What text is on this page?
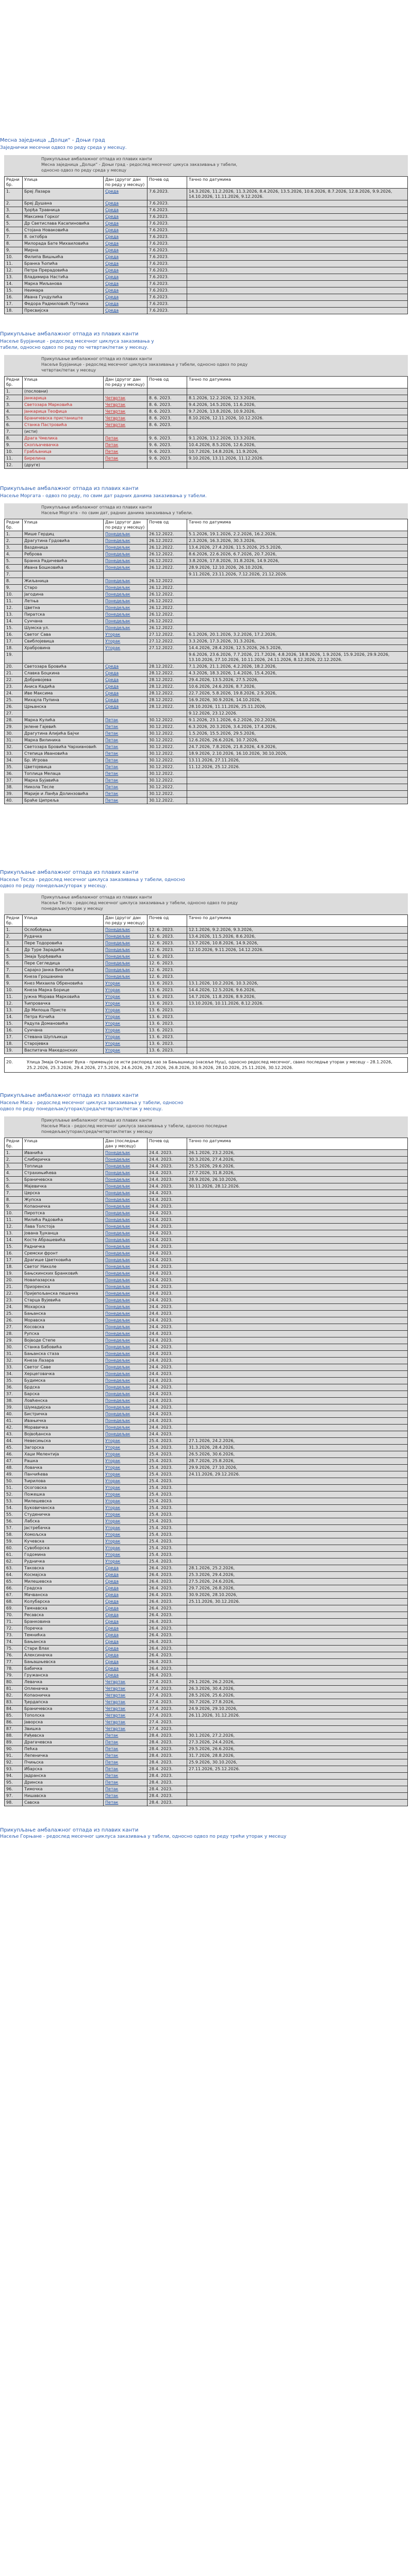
Месна заједница „Долци“ - Доњи град
Заједнички месечни одвоз по реду среда у месецу.
Прикупљање амбалажног отпада из плавих канти
Месна заједница „Долци“ - Доњи град - редослед месечног цикуса заказивања у табели,
односно одвоз по реду среда у месецу
Редни бр.	Улица	Дан (другог дан по реду у месецу)	Почев од	Тачно по датумима
1.	Бреј Лазара	Среда	7.6.2023.	14.3.2026, 11.2.2026, 11.3.2026, 8.4.2026, 13.5.2026, 10.6.2026, 8.7.2026, 12.8.2026, 9.9.2026, 14.10.2026, 11.11.2026, 9.12.2026.
2.	Бреј Душана	Среда	7.6.2023.	
3.	Ђорђа Травница	Среда	7.6.2023.	
4.	Максима Горког	Среда	7.6.2023.	
5.	Др Светислава Касапиновића	Среда	7.6.2023.	
6.	Стојана Новаковића	Среда	7.6.2023.	
7.	8. октобра	Среда	7.6.2023.	
8.	Милорада Бате Михаиловића	Среда	7.6.2023.	
9.	Мирна	Среда	7.6.2023.	
10.	Филипа Вишњића	Среда	7.6.2023.	
11.	Бранка Ћопића	Среда	7.6.2023.	
12.	Петра Прерадовића	Среда	7.6.2023.	
13.	Владимира Настића	Среда	7.6.2023.	
14.	Марка Миљанова	Среда	7.6.2023.	
15.	Неимара	Среда	7.6.2023.	
16.	Ивана Гундулића	Среда	7.6.2023.	
17.	Федора Радмиловић Путника	Среда	7.6.2023.	
18.	Пресвијска	Среда	7.6.2023.	
Прикупљање амбалажног отпада из плавих канти
Насеље Бурјанице - редослед месечног циклуса заказивања у
табели, односно одвоз по реду по четвртак/петак у месецу.
Прикупљање амбалажног отпада из плавих канти
Насеље Бурјанице - редослед месечног циклуса заказивања у табели, односно одвоз по реду
четвртак/петак у месецу
Редни бр.	Улица	Дан (другог дан по реду у месецу)	Почев од	Тачно по датумима
1.	(пословни)			
2.	Јанкарица	Четвртак	8. 6. 2023.	8.1.2026, 12.2.2026, 12.3.2026,
3.	Светозара Марковића	Четвртак	8. 6. 2023.	9.4.2026, 14.5.2026, 11.6.2026,
4.	Јанкарица Теофица	Четвртак	8. 6. 2023.	9.7.2026, 13.8.2026, 10.9.2026,
5.	Браничевска пристаниште	Четвртак	8. 6. 2023.	8.10.2026, 12.11.2026, 10.12.2026.
6.	Станка Пастровића	Четвртак	8. 6. 2023.	
7.	(исти)			
8.	Драга Чмелика	Петак	9. 6. 2023.	9.1.2026, 13.2.2026, 13.3.2026,
9.	Скопљачевачка	Петак	9. 6. 2023.	10.4.2026, 8.5.2026, 12.6.2026,
10.	Грабљаница	Петак	9. 6. 2023.	10.7.2026, 14.8.2026, 11.9.2026,
11.	Бирелина	Петак	9. 6. 2023.	9.10.2026, 13.11.2026, 11.12.2026.
12.	(друге)			
Прикупљање амбалажног отпада из плавих канти
Насеље Моргата - одвоз по реду, по свим дат радних данима заказивања у табели.
Прикупљање амбалажног отпада из плавих канти
Насеље Моргата - по свим дат, радних данима заказивања у табели.
Редни бр.	Улица	Дан (другог дан по реду у месецу)	Почев од	Тачно по датумима
1.	Мише Гердиц	Понедељак	26.12.2022.	5.1.2026, 19.1.2026, 2.2.2026, 16.2.2026,
2.	Драгутина Грдовића	Понедељак	26.12.2022.	2.3.2026, 16.3.2026, 30.3.2026,
3.	Вазденица	Понедељак	26.12.2022.	13.4.2026, 27.4.2026, 11.5.2026, 25.5.2026,
4.	Реброва	Понедељак	26.12.2022.	8.6.2026, 22.6.2026, 6.7.2026, 20.7.2026,
5.	Бранка Радичевића	Понедељак	26.12.2022.	3.8.2026, 17.8.2026, 31.8.2026, 14.9.2026,
6.	Ивана Бошковића	Понедељак	26.12.2022.	28.9.2026, 12.10.2026, 26.10.2026,
7.				9.11.2026, 23.11.2026, 7.12.2026, 21.12.2026.
8.	Жиљаница	Понедељак	26.12.2022.	
9.	Старо	Понедељак	26.12.2022.	
10.	Јагодина	Понедељак	26.12.2022.	
11.	Летња	Понедељак	26.12.2022.	
12.	Цветна	Понедељак	26.12.2022.	
13.	Пиратска	Понедељак	26.12.2022.	
14.	Сунчана	Понедељак	26.12.2022.	
15.	Шумска ул.	Понедељак	26.12.2022.	
16.	Светог Сава	Уторак	27.12.2022.	6.1.2026, 20.1.2026, 3.2.2026, 17.2.2026,
17.	Свиблојевица	Уторак	27.12.2022.	3.3.2026, 17.3.2026, 31.3.2026,
18.	Храбровина	Уторак	27.12.2022.	14.4.2026, 28.4.2026, 12.5.2026, 26.5.2026,
19.				9.6.2026, 23.6.2026, 7.7.2026, 21.7.2026, 4.8.2026, 18.8.2026, 1.9.2026, 15.9.2026, 29.9.2026, 13.10.2026, 27.10.2026, 10.11.2026, 24.11.2026, 8.12.2026, 22.12.2026.
20.	Светозара Бровића	Среда	28.12.2022.	7.1.2026, 21.1.2026, 4.2.2026, 18.2.2026,
21.	Славка Боцкина	Среда	28.12.2022.	4.3.2026, 18.3.2026, 1.4.2026, 15.4.2026,
22.	Добривојева	Среда	28.12.2022.	29.4.2026, 13.5.2026, 27.5.2026,
23.	Аниса Кадића	Среда	28.12.2022.	10.6.2026, 24.6.2026, 8.7.2026,
24.	Иве Максима	Среда	28.12.2022.	22.7.2026, 5.8.2026, 19.8.2026, 2.9.2026,
25.	Михајла Пупина	Среда	28.12.2022.	16.9.2026, 30.9.2026, 14.10.2026,
26.	Црњанска	Среда	28.12.2022.	28.10.2026, 11.11.2026, 25.11.2026,
27.				9.12.2026, 23.12.2026.
28.	Марка Кулића	Петак	30.12.2022.	9.1.2026, 23.1.2026, 6.2.2026, 20.2.2026,
29.	Јелене Гајевић	Петак	30.12.2022.	6.3.2026, 20.3.2026, 3.4.2026, 17.4.2026,
30.	Драгутина Алијића Бајчи	Петак	30.12.2022.	1.5.2026, 15.5.2026, 29.5.2026,
31.	Марка Вилиника	Петак	30.12.2022.	12.6.2026, 26.6.2026, 10.7.2026,
32.	Светозара Бровића Чархиановић	Петак	30.12.2022.	24.7.2026, 7.8.2026, 21.8.2026, 4.9.2026,
33.	Степица Ивановића	Петак	30.12.2022.	18.9.2026, 2.10.2026, 16.10.2026, 30.10.2026,
34.	Бр. Игрова	Петак	30.12.2022.	13.11.2026, 27.11.2026,
35.	Цветојевица	Петак	30.12.2022.	11.12.2026, 25.12.2026.
36.	Топлица Мелаца	Петак	30.12.2022.	
37.	Марка Бујавића	Петак	30.12.2022.	
38.	Никола Тесле	Петак	30.12.2022.	
39.	Марије и Ланђа Долинзовића	Петак	30.12.2022.	
40.	Браће Ципреља	Петак	30.12.2022.	
Прикупљање амбалажног отпада из плавих канти
Насеље Тесла - редослед месечног циклуса заказивања у табели, односно
одвоз по реду понедељак/уторак у месецу.
Прикупљање амбалажног отпада из плавих канти
Насеље Тесла - редослед месечног циклуса заказивања у табели, односно одвоз по реду
понедељак/уторак у месецу
Редни бр.	Улица	Дан (другог дан по реду у месецу)	Почев од	Тачно по датумима
1.	Ослобођења	Понедељак	12. 6. 2023.	12.1.2026, 9.2.2026, 9.3.2026,
2.	Рудачка	Понедељак	12. 6. 2023.	13.4.2026, 11.5.2026, 8.6.2026,
3.	Пере Тодоровића	Понедељак	12. 6. 2023.	13.7.2026, 10.8.2026, 14.9.2026,
4.	Др Туре Зарадића	Понедељак	12. 6. 2023.	12.10.2026, 9.11.2026, 14.12.2026.
5.	Змаја Ђорђевића	Понедељак	12. 6. 2023.	
6.	Пере Сегледица	Понедељак	12. 6. 2023.	
7.	Сарајко Јанка Виопића	Понедељак	12. 6. 2023.	
8.	Кнеза Грошанина	Понедељак	12. 6. 2023.	
9.	Кнез Михаила Обреновића	Уторак	13. 6. 2023.	13.1.2026, 10.2.2026, 10.3.2026,
10.	Кнеза Марка Борице	Уторак	13. 6. 2023.	14.4.2026, 12.5.2026, 9.6.2026,
11.	Јужна Морава Марковића	Уторак	13. 6. 2023.	14.7.2026, 11.8.2026, 8.9.2026,
12.	Ћипровачка	Уторак	13. 6. 2023.	13.10.2026, 10.11.2026, 8.12.2026.
13.	Др Милоша Присте	Уторак	13. 6. 2023.	
14.	Петра Кочића	Уторак	13. 6. 2023.	
15.	Радула Домановића	Уторак	13. 6. 2023.	
16.	Сунчана	Уторак	13. 6. 2023.	
17.	Стевана Шупљикца	Уторак	13. 6. 2023.	
18.	Старојевка	Уторак	13. 6. 2023.	
19.	Васпитача Македонских	Уторак	13. 6. 2023.	
20.	Улица Змаја Огњеног Вука - примењује се исти распоред као за Бањашницу (насеље Нуш), односно редослед месечног, свако последње уторак у месецу – 28.1.2026, 25.2.2026, 25.3.2026, 29.4.2026, 27.5.2026, 24.6.2026, 29.7.2026, 26.8.2026, 30.9.2026, 28.10.2026, 25.11.2026, 30.12.2026.
Прикупљање амбалажног отпада из плавих канти
Насеље Маса - редослед месечног циклуса заказивања у табели, односно
одвоз по реду понедељак/уторак/среда/четвртак/петак у месецу.
Прикупљање амбалажног отпада из плавих канти
Насеље Маса - редослед месечног циклуса заказивања у табели, односно последње
понедељак/уторак/среда/четвртак/петак у месецу
Редни бр.	Улица	Дан (последњи дан у месецу)	Почев од	Тачно по датумима
1.	Иванића	Понедељак	24.4. 2023.	26.1.2026, 23.2.2026,
2.	Слиберичка	Понедељак	24.4. 2023.	30.3.2026, 27.4.2026,
3.	Топлица	Понедељак	24.4. 2023.	25.5.2026, 29.6.2026,
4.	Страхињићева	Понедељак	24.4. 2023.	27.7.2026, 31.8.2026,
5.	Браничевска	Понедељак	24.4. 2023.	28.9.2026, 26.10.2026,
6.	Мајевичка	Понедељак	24.4. 2023.	30.11.2026, 28.12.2026.
7.	Церска	Понедељак	24.4. 2023.	
8.	Жупска	Понедељак	24.4. 2023.	
9.	Копаоничка	Понедељак	24.4. 2023.	
10.	Пиротска	Понедељак	24.4. 2023.	
11.	Милића Радовића	Понедељак	24.4. 2023.	
12.	Лава Толстоја	Понедељак	24.4. 2023.	
13.	Јована Ђуканца	Понедељак	24.4. 2023.	
14.	Косте Абрашевића	Понедељак	24.4. 2023.	
15.	Радничка	Понедељак	24.4. 2023.	
16.	Сремски фронт	Понедељак	24.4. 2023.	
17.	Драгише Цветковића	Понедељак	24.4. 2023.	
18.	Светог Николе	Понедељак	24.4. 2023.	
19.	Бањскинских Бранковић	Понедељак	24.4. 2023.	
20.	Новапазарска	Понедељак	24.4. 2023.	
21.	Призренска	Понедељак	24.4. 2023.	
22.	Пријепољанска пешачка	Понедељак	24.4. 2023.	
23.	Старца Вујевића	Понедељак	24.4. 2023.	
24.	Мохарска	Понедељак	24.4. 2023.	
25.	Бањанска	Понедељак	24.4. 2023.	
26.	Моравска	Понедељак	24.4. 2023.	
27.	Косовска	Понедељак	24.4. 2023.	
28.	Рупска	Понедељак	24.4. 2023.	
29.	Војводе Степе	Понедељак	24.4. 2023.	
30.	Станка Бабовића	Понедељак	24.4. 2023.	
31.	Бањанска стаза	Понедељак	24.4. 2023.	
32.	Кнеза Лазара	Понедељак	24.4. 2023.	
33.	Светог Саве	Понедељак	24.4. 2023.	
34.	Херцеговачка	Понедељак	24.4. 2023.	
35.	Будимска	Понедељак	24.4. 2023.	
36.	Брдска	Понедељак	24.4. 2023.	
37.	Барска	Понедељак	24.4. 2023.	
38.	Ловћенска	Понедељак	24.4. 2023.	
39.	Шумадијска	Понедељак	24.4. 2023.	
40.	Бистричка	Понедељак	24.4. 2023.	
41.	Ивањичка	Понедељак	24.4. 2023.	
42.	Моравичка	Понедељак	24.4. 2023.	
43.	Војвођанска	Понедељак	24.4. 2023.	
44.	Невесињска	Уторак	25.4. 2023.	27.1.2026, 24.2.2026,
45.	Загорска	Уторак	25.4. 2023.	31.3.2026, 28.4.2026,
46.	Хаџи Мелентија	Уторак	25.4. 2023.	26.5.2026, 30.6.2026,
47.	Рашка	Уторак	25.4. 2023.	28.7.2026, 25.8.2026,
48.	Ловачка	Уторак	25.4. 2023.	29.9.2026, 27.10.2026,
49.	Панчићева	Уторак	25.4. 2023.	24.11.2026, 29.12.2026.
50.	Ћирилова	Уторак	25.4. 2023.	
51.	Осоговска	Уторак	25.4. 2023.	
52.	Пожешка	Уторак	25.4. 2023.	
53.	Милешевска	Уторак	25.4. 2023.	
54.	Буковичанска	Уторак	25.4. 2023.	
55.	Студеничка	Уторак	25.4. 2023.	
56.	Лабска	Уторак	25.4. 2023.	
57.	Јастребачка	Уторак	25.4. 2023.	
58.	Хомољска	Уторак	25.4. 2023.	
59.	Кучевска	Уторак	25.4. 2023.	
60.	Сувоборска	Уторак	25.4. 2023.	
61.	Годомина	Уторак	25.4. 2023.	
62.	Рудничка	Уторак	25.4. 2023.	
63.	Таковска	Среда	26.4. 2023.	28.1.2026, 25.2.2026,
64.	Космајска	Среда	26.4. 2023.	25.3.2026, 29.4.2026,
65.	Милешевска	Среда	26.4. 2023.	27.5.2026, 24.6.2026,
66.	Градска	Среда	26.4. 2023.	29.7.2026, 26.8.2026,
67.	Мачванска	Среда	26.4. 2023.	30.9.2026, 28.10.2026,
68.	Колубарска	Среда	26.4. 2023.	25.11.2026, 30.12.2026.
69.	Тамнавска	Среда	26.4. 2023.	
70.	Ресавска	Среда	26.4. 2023.	
71.	Бранковина	Среда	26.4. 2023.	
72.	Поречка	Среда	26.4. 2023.	
73.	Темнићка	Среда	26.4. 2023.	
74.	Бањанска	Среда	26.4. 2023.	
75.	Стари Влах	Среда	26.4. 2023.	
76.	Алексиначка	Среда	26.4. 2023.	
77.	Бањашњевска	Среда	26.4. 2023.	
78.	Бабичка	Среда	26.4. 2023.	
79.	Гружанска	Среда	26.4. 2023.	
80.	Левачка	Четвртак	27.4. 2023.	29.1.2026, 26.2.2026,
81.	Опленачка	Четвртак	27.4. 2023.	26.3.2026, 30.4.2026,
82.	Копаоничка	Четвртак	27.4. 2023.	28.5.2026, 25.6.2026,
83.	Ђердапска	Четвртак	27.4. 2023.	30.7.2026, 27.8.2026,
84.	Браничевска	Четвртак	27.4. 2023.	24.9.2026, 29.10.2026,
85.	Тополска	Четвртак	27.4. 2023.	26.11.2026, 31.12.2026.
86.	Јаворска	Четвртак	27.4. 2023.	
87.	Звишка	Четвртак	27.4. 2023.	
88.	Рађевска	Петак	28.4. 2023.	30.1.2026, 27.2.2026,
89.	Драгачевска	Петак	28.4. 2023.	27.3.2026, 24.4.2026,
90.	Пећка	Петак	28.4. 2023.	29.5.2026, 26.6.2026,
91.	Лепеничка	Петак	28.4. 2023.	31.7.2026, 28.8.2026,
92.	Пчињска	Петак	28.4. 2023.	25.9.2026, 30.10.2026,
93.	Ибарска	Петак	28.4. 2023.	27.11.2026, 25.12.2026.
94.	Јадранска	Петак	28.4. 2023.	
95.	Дринска	Петак	28.4. 2023.	
96.	Тимочка	Петак	28.4. 2023.	
97.	Нишавска	Петак	28.4. 2023.	
98.	Савска	Петак	28.4. 2023.	
Прикупљање амбалажног отпада из плавих канти
Насеље Горњане - редослед месечног циклуса заказивања у табели, односно одвоз по реду трећи уторак у месецу
